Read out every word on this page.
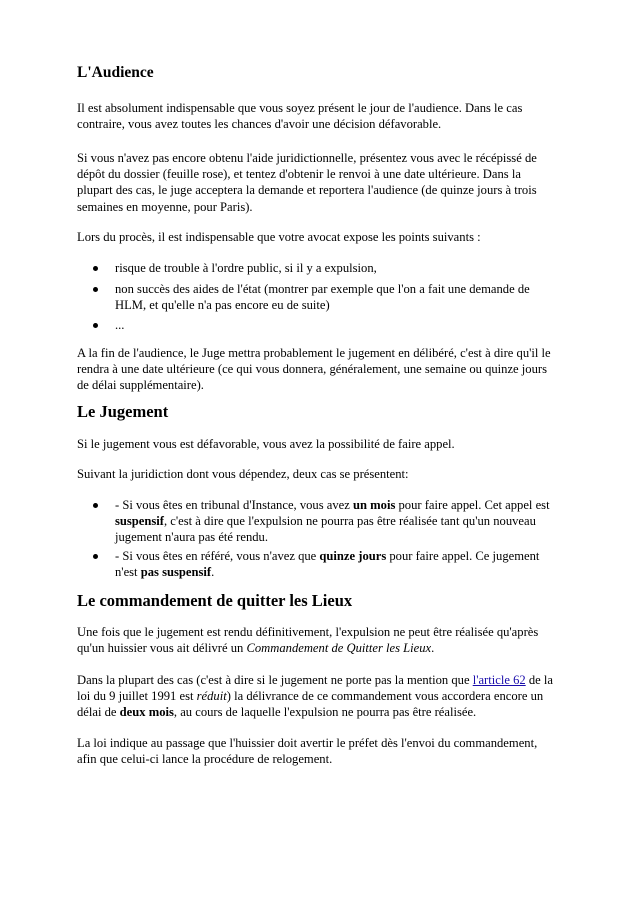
L'Audience

Il est absolument indispensable que vous soyez présent le jour de l'audience. Dans le cas
contraire, vous avez toutes les chances d'avoir une décision défavorable.

Si vous n'avez pas encore obtenu l'aide juridictionnelle, présentez vous avec le récépissé de
dépôt du dossier (feuille rose), et tentez d'obtenir le renvoi à une date ultérieure. Dans la
plupart des cas, le juge acceptera la demande et reportera l'audience (de quinze jours à trois
semaines en moyenne, pour Paris).

Lors du procès, il est indispensable que votre avocat expose les points suivants :

risque de trouble à l'ordre public, si il y a expulsion,
non succès des aides de l'état (montrer par exemple que l'on a fait une demande de
HLM, et qu'elle n'a pas encore eu de suite)
...

A la fin de l'audience, le Juge mettra probablement le jugement en délibéré, c'est à dire qu'il le
rendra à une date ultérieure (ce qui vous donnera, généralement, une semaine ou quinze jours
de délai supplémentaire).

Le Jugement

Si le jugement vous est défavorable, vous avez la possibilité de faire appel.

Suivant la juridiction dont vous dépendez, deux cas se présentent:

- Si vous êtes en tribunal d'Instance, vous avez un mois pour faire appel. Cet appel est
suspensif, c'est à dire que l'expulsion ne pourra pas être réalisée tant qu'un nouveau
jugement n'aura pas été rendu.
- Si vous êtes en référé, vous n'avez que quinze jours pour faire appel. Ce jugement
n'est pas suspensif.
Le commandement de quitter les Lieux

Une fois que le jugement est rendu définitivement, l'expulsion ne peut être réalisée qu'après
qu'un huissier vous ait délivré un Commandement de Quitter les Lieux.

Dans la plupart des cas (c'est à dire si le jugement ne porte pas la mention que l'article 62 de la
loi du 9 juillet 1991 est réduit) la délivrance de ce commandement vous accordera encore un
délai de deux mois, au cours de laquelle l'expulsion ne pourra pas être réalisée.

La loi indique au passage que l'huissier doit avertir le préfet dès l'envoi du commandement,
afin que celui-ci lance la procédure de relogement.
